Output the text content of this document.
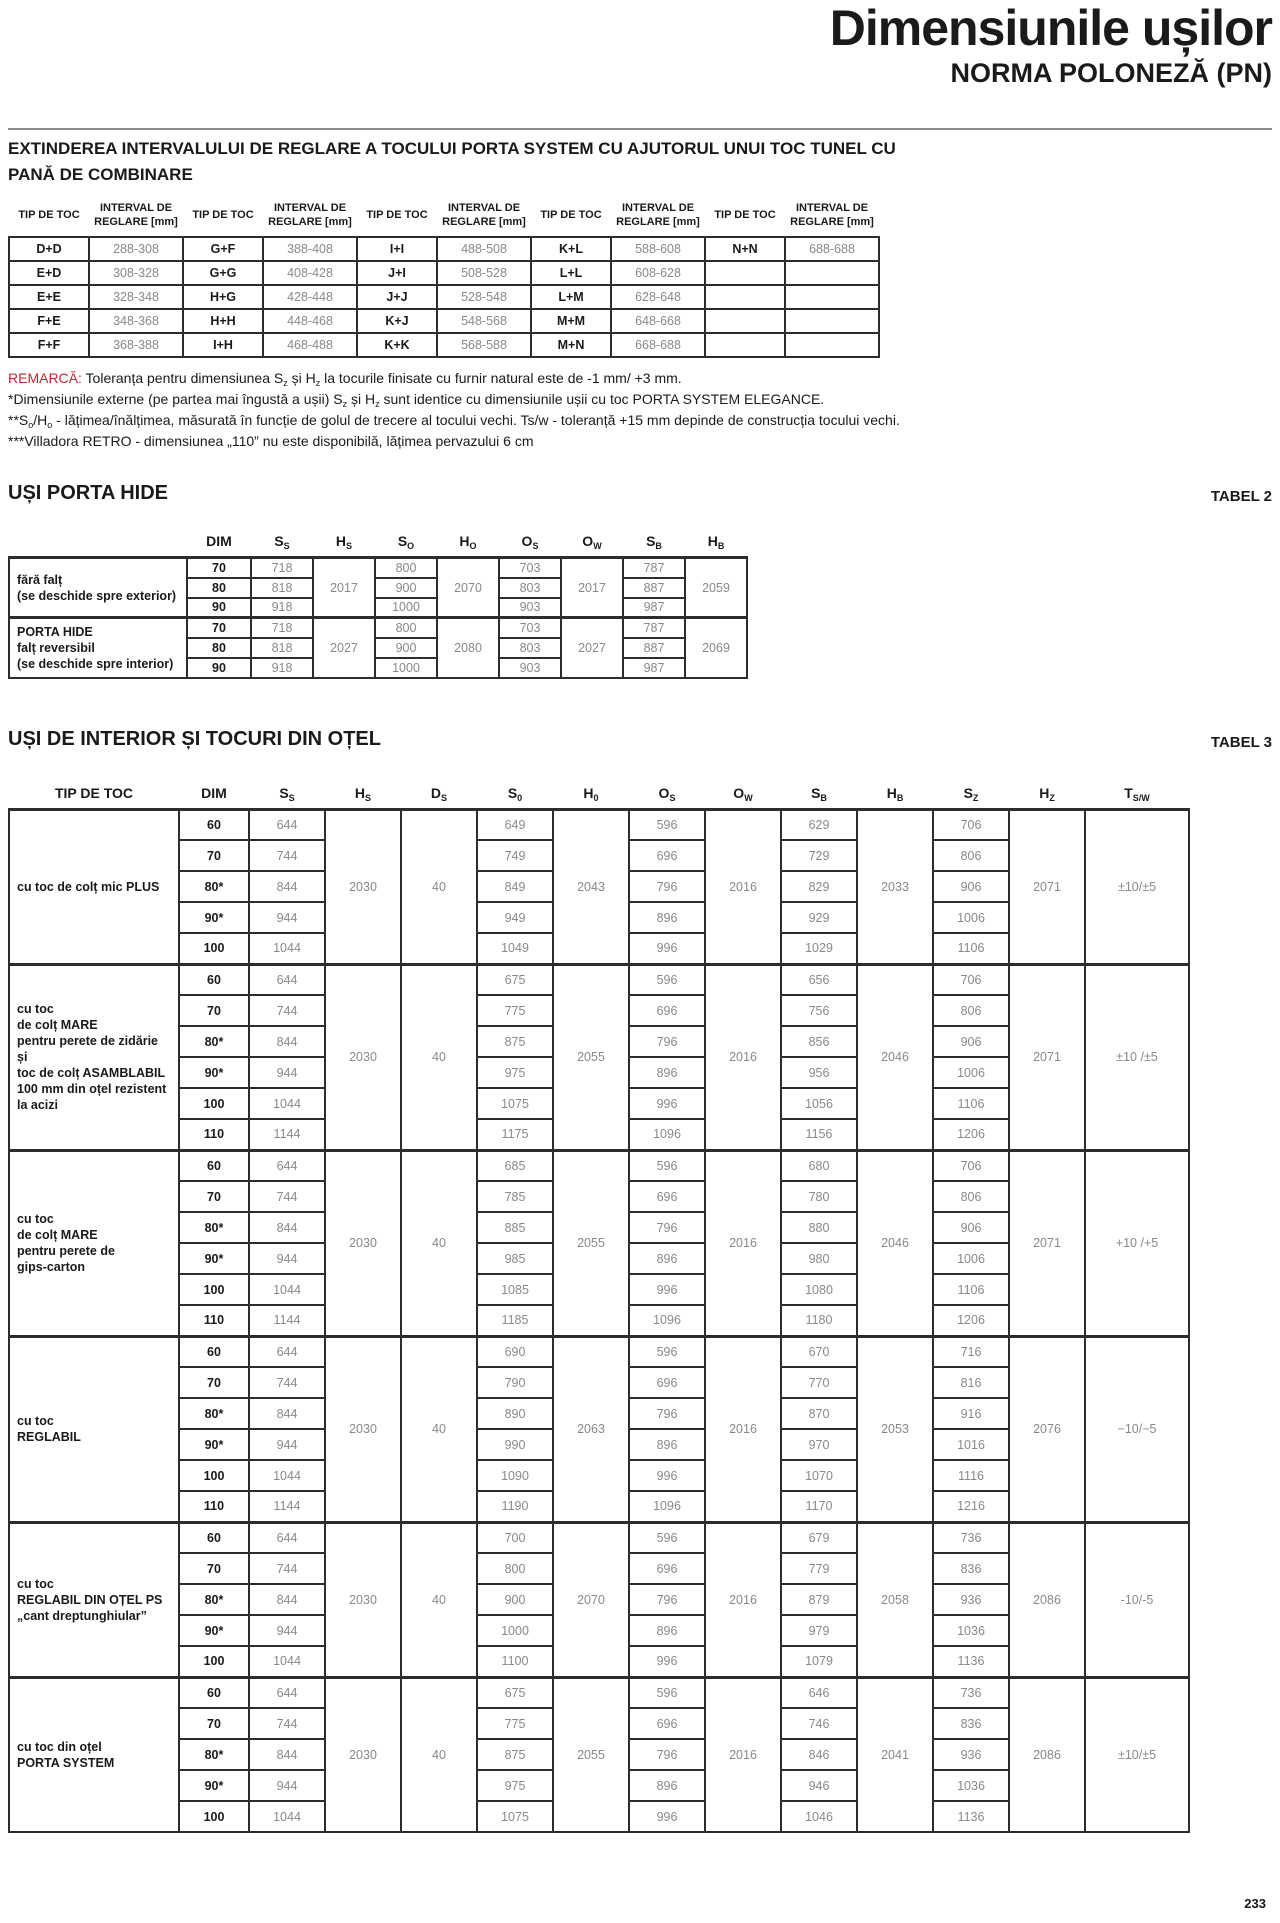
Dimensiunile ușilor
NORMA POLONEZĂ (PN)
EXTINDEREA INTERVALULUI DE REGLARE A TOCULUI PORTA SYSTEM CU AJUTORUL UNUI TOC TUNEL CU PANĂ DE COMBINARE
TIP DE TOC	INTERVAL DE REGLARE [mm]	TIP DE TOC	INTERVAL DE REGLARE [mm]	TIP DE TOC	INTERVAL DE REGLARE [mm]	TIP DE TOC	INTERVAL DE REGLARE [mm]	TIP DE TOC	INTERVAL DE REGLARE [mm]
D+D	288-308	G+F	388-408	I+I	488-508	K+L	588-608	N+N	688-688
E+D	308-328	G+G	408-428	J+I	508-528	L+L	608-628		
E+E	328-348	H+G	428-448	J+J	528-548	L+M	628-648		
F+E	348-368	H+H	448-468	K+J	548-568	M+M	648-668		
F+F	368-388	I+H	468-488	K+K	568-588	M+N	668-688		

REMARCĂ: Toleranța pentru dimensiunea $S_z$ și $H_z$ la tocurile finisate cu furnir natural este de -1 mm/ +3 mm.

*Dimensiunile externe (pe partea mai îngustă a ușii) $S_z$ și $H_z$ sunt identice cu dimensiunile ușii cu toc PORTA SYSTEM ELEGANCE.

$**S_o/H_o$ - lățimea/înălțimea, măsurată în funcție de golul de trecere al tocului vechi. Ts/w - toleranță +15 mm depinde de construcția tocului vechi.

***Villadora RETRO - dimensiunea „110” nu este disponibilă, lățimea pervazului 6 cm

UȘI PORTA HIDE	TABEL 2
	DIM	$S_S$	$H_S$	$S_O$	$H_O$	$O_S$	$O_W$	$S_B$	$H_B$
fără falț
(se deschide spre exterior)	70	718	2017	800	2070	703	2017	787	2059
	80	818		900		803		887	
	90	918		1000		903		987	
PORTA HIDE
falț reversibil
(se deschide spre interior)	70	718	2027	800	2080	703	2027	787	2069
	80	818		900		803		887	
	90	918		1000		903		987	
UȘI DE INTERIOR ȘI TOCURI DIN OȚEL	TABEL 3
TIP DE TOC	DIM	$S_S$	$H_S$	$D_S$	$S_0$	$H_0$	$O_S$	$O_W$	$S_B$	$H_B$	$S_Z$	$H_Z$	$T_{S/W}$
cu toc de colț mic PLUS	60	644	2030	40	649	2043	596	2016	629	2033	706	2071	±10/±5
	70	744			749		696		729		806		
	80*	844			849		796		829		906		
	90*	944			949		896		929		1006		
	100	1044			1049		996		1029		1106		
cu toc
de colț MARE
pentru perete de zidărie și
toc de colț ASAMBLABIL
100 mm din oțel rezistent
la acizi	60	644	2030	40	675	2055	596	2016	656	2046	706	2071	±10 /±5
	70	744			775		696		756		806		
	80*	844			875		796		856		906		
	90*	944			975		896		956		1006		
	100	1044			1075		996		1056		1106		
	110	1144			1175		1096		1156		1206		
cu toc
de colț MARE
pentru perete de
gips-carton	60	644	2030	40	685	2055	596	2016	680	2046	706	2071	+10 /+5
	70	744			785		696		780		806		
	80*	844			885		796		880		906		
	90*	944			985		896		980		1006		
	100	1044			1085		996		1080		1106		
	110	1144			1185		1096		1180		1206		
cu toc
REGLABIL	60	644	2030	40	690	2063	596	2016	670	2053	716	2076	−10/−5
	70	744			790		696		770		816		
	80*	844			890		796		870		916		
	90*	944			990		896		970		1016		
	100	1044			1090		996		1070		1116		
	110	1144			1190		1096		1170		1216		
cu toc
REGLABIL DIN OȚEL PS
„cant dreptunghiular”	60	644	2030	40	700	2070	596	2016	679	2058	736	2086	-10/-5
	70	744			800		696		779		836		
	80*	844			900		796		879		936		
	90*	944			1000		896		979		1036		
	100	1044			1100		996		1079		1136		
cu toc din oțel
PORTA SYSTEM	60	644	2030	40	675	2055	596	2016	646	2041	736	2086	±10/±5
	70	744			775		696		746		836		
	80*	844			875		796		846		936		
	90*	944			975		896		946		1036		
	100	1044			1075		996		1046		1136		
233
